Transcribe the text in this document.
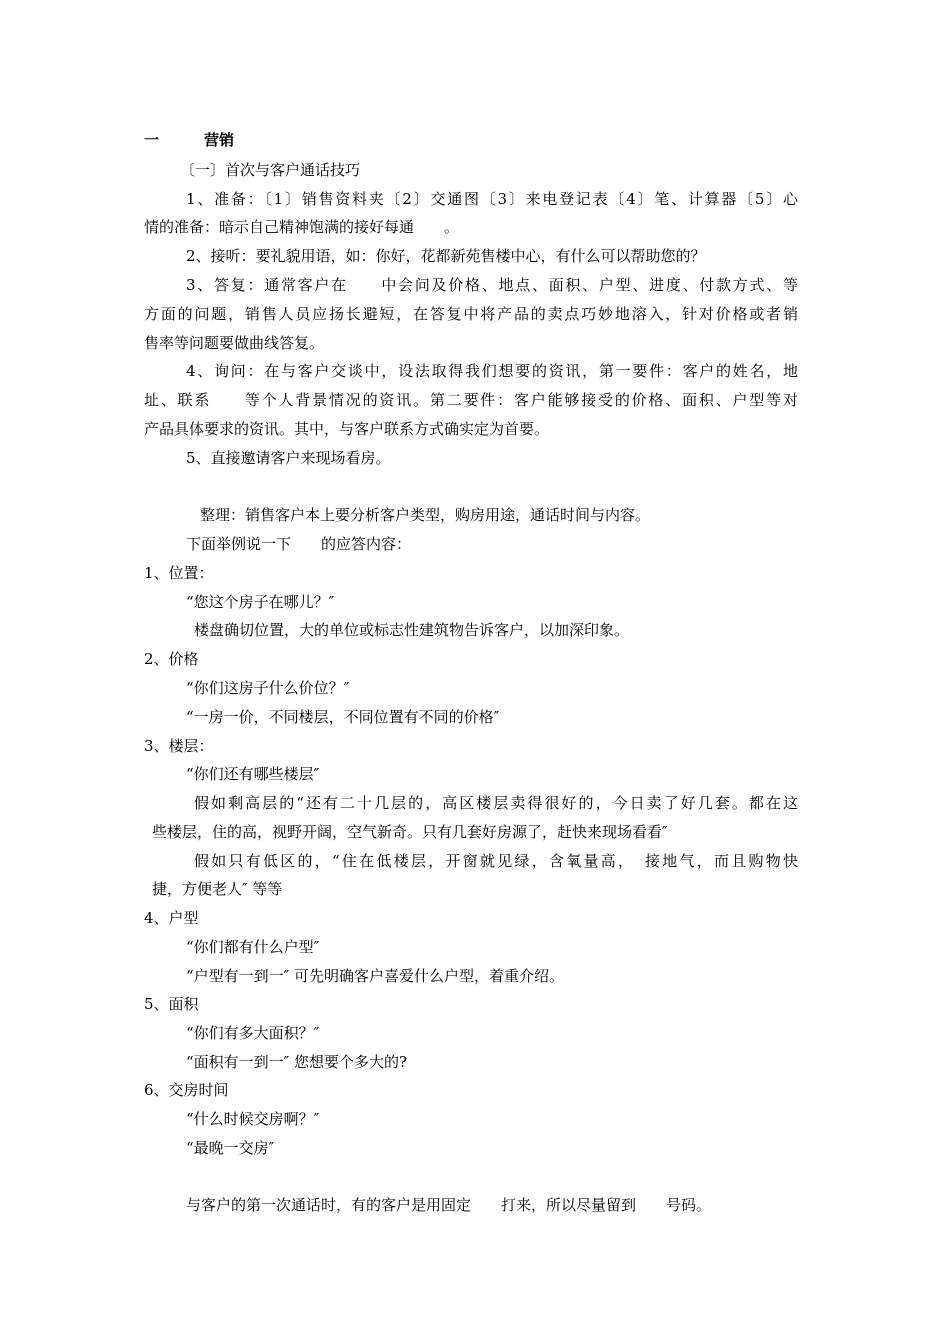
一	营销
〔一〕首次与客户通话技巧
1、准备：〔1〕销售资料夹〔2〕交通图〔3〕来电登记表〔4〕笔、计算器〔5〕心
情的准备：暗示自己精神饱满的接好每通　　。
2、接听：要礼貌用语，如：你好，花都新苑售楼中心，有什么可以帮助您的？
3、答复：通常客户在　　中会问及价格、地点、面积、户型、进度、付款方式、等
方面的问题，销售人员应扬长避短，在答复中将产品的卖点巧妙地溶入，针对价格或者销
售率等问题要做曲线答复。
4、询问：在与客户交谈中，设法取得我们想要的资讯，第一要件：客户的姓名，地
址、联系　　等个人背景情况的资讯。第二要件：客户能够接受的价格、面积、户型等对
产品具体要求的资讯。其中，与客户联系方式确实定为首要。
5、直接邀请客户来现场看房。
整理：销售客户本上要分析客户类型，购房用途，通话时间与内容。
下面举例说一下　　的应答内容：
1、位置：
“您这个房子在哪儿？″
楼盘确切位置，大的单位或标志性建筑物告诉客户，以加深印象。
2、价格
“你们这房子什么价位？″
“一房一价，不同楼层，不同位置有不同的价格″
3、楼层：
“你们还有哪些楼层″
假如剩高层的“还有二十几层的，高区楼层卖得很好的，今日卖了好几套。都在这
些楼层，住的高，视野开阔，空气新奇。只有几套好房源了，赶快来现场看看″
假如只有低区的，“住在低楼层，开窗就见绿，含氧量高，　接地气，而且购物快
捷，方便老人″ 等等
4、户型
“你们都有什么户型″
“户型有一到一″ 可先明确客户喜爱什么户型，着重介绍。
5、面积
“你们有多大面积？″
“面积有一到一″ 您想要个多大的?
6、交房时间
“什么时候交房啊？″
“最晚一交房″
与客户的第一次通话时，有的客户是用固定　　打来，所以尽量留到　　号码。
